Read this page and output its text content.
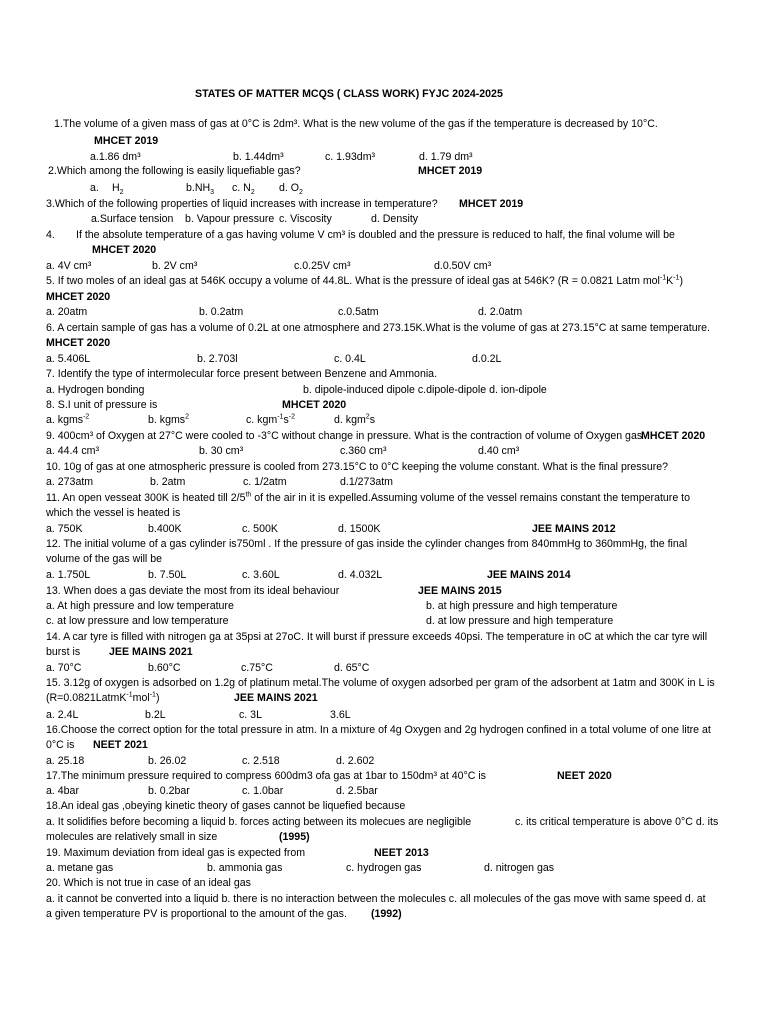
STATES OF MATTER MCQS ( CLASS WORK) FYJC 2024-2025
1.The volume of a given mass of gas at 0°C is 2dm³. What is the new volume of the gas if the temperature is decreased by 10°C.
MHCET 2019
a.1.86 dm³	b. 1.44dm³	c. 1.93dm³	d. 1.79 dm³
2.Which among the following is easily liquefiable gas?	MHCET 2019
a. $H_2$	$b.NH_3$ c. $N_2$ d. $O_2$
3.Which of the following properties of liquid increases with increase in temperature? MHCET 2019
a.Surface tension b. Vapour pressure c. Viscosity	d. Density
4. If the absolute temperature of a gas having volume V cm³ is doubled and the pressure is reduced to half, the final volume will be
MHCET 2020
a. 4V cm³	b. 2V cm³	c.0.25V cm³	d.0.50V cm³
5. If two moles of an ideal gas at 546K occupy a volume of 44.8L. What is the pressure of ideal gas at 546K? (R = 0.0821 Latm $mol^{-1}K^{-1}$)
MHCET 2020
a. 20atm	b. 0.2atm	c.0.5atm	d. 2.0atm
6. A certain sample of gas has a volume of 0.2L at one atmosphere and 273.15K.What is the volume of gas at 273.15°C at same temperature.
MHCET 2020
a. 5.406L	b. 2.703l	c. 0.4L	d.0.2L
7. Identify the type of intermolecular force present between Benzene and Ammonia.
a. Hydrogen bonding	b. dipole-induced dipole c.dipole-dipole d. ion-dipole
8. S.I unit of pressure is	MHCET 2020
a. kgms$^{-2}$	b. kgms$^2$	c. $kgm^{-1}s^{-2}$	d. kgm$^2$s
9. 400cm³ of Oxygen at 27°C were cooled to -3°C without change in pressure. What is the contraction of volume of Oxygen gas
MHCET 2020
a. 44.4 cm³	b. 30 cm³	c.360 cm³	d.40 cm³
10. 10g of gas at one atmospheric pressure is cooled from 273.15°C to 0°C keeping the volume constant. What is the final pressure?
a. 273atm	b. 2atm	c. 1/2atm	d.1/273atm
11. An open vesseat 300K is heated till 2/5th of the air in it is expelled.Assuming volume of the vessel remains constant the temperature to
which the vessel is heated is
a. 750K	b.400K	c. 500K	d. 1500K	JEE MAINS 2012
12. The initial volume of a gas cylinder is750ml . If the pressure of gas inside the cylinder changes from 840mmHg to 360mmHg, the final
volume of the gas will be
a. 1.750L	b. 7.50L	c. 3.60L	d. 4.032L	JEE MAINS 2014
13. When does a gas deviate the most from its ideal behaviour	JEE MAINS 2015
a. At high pressure and low temperature	b. at high pressure and high temperature
c. at low pressure and low temperature	d. at low pressure and high temperature
14. A car tyre is filled with nitrogen ga at 35psi at 27oC. It will burst if pressure exceeds 40psi. The temperature in oC at which the car tyre will
burst is	JEE MAINS 2021
a. 70°C	b.60°C	c.75°C	d. 65°C
15. 3.12g of oxygen is adsorbed on 1.2g of platinum metal.The volume of oxygen adsorbed per gram of the adsorbent at 1atm and 300K in L is
(R=0.0821LatmK$^{-1}$mol$^{-1}$)	JEE MAINS 2021
a. 2.4L	b.2L	c. 3L	3.6L
16.Choose the correct option for the total pressure in atm. In a mixture of 4g Oxygen and 2g hydrogen confined in a total volume of one litre at
0°C is NEET 2021
a. 25.18	b. 26.02	c. 2.518	d. 2.602
17.The minimum pressure required to compress 600dm3 ofa gas at 1bar to 150dm³ at 40°C is	NEET 2020
a. 4bar	b. 0.2bar	c. 1.0bar	d. 2.5bar
18.An ideal gas ,obeying kinetic theory of gases cannot be liquefied because
a. It solidifies before becoming a liquid b. forces acting between its molecues are negligible	c. its critical temperature is above 0°C d. its
molecules are relatively small in size	(1995)
19. Maximum deviation from ideal gas is expected from	NEET 2013
a. metane gas	b. ammonia gas	c. hydrogen gas	d. nitrogen gas
20. Which is not true in case of an ideal gas
a. it cannot be converted into a liquid b. there is no interaction between the molecules c. all molecules of the gas move with same speed d. at
a given temperature PV is proportional to the amount of the gas. (1992)
